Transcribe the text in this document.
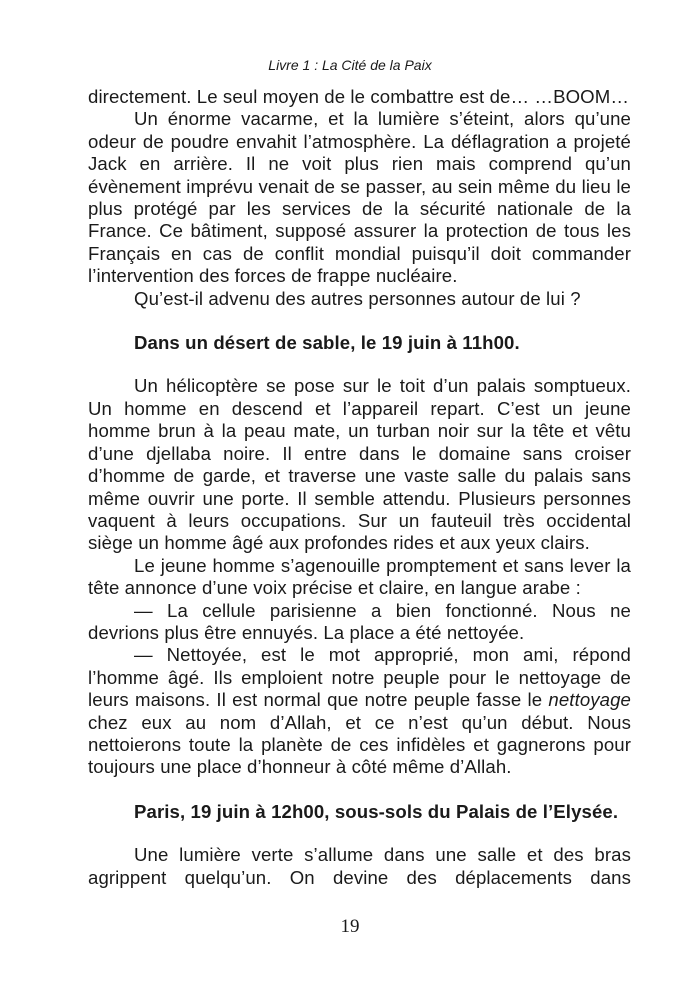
Livre 1 : La Cité de la Paix

directement. Le seul moyen de le combattre est de… …BOOM…

Un énorme vacarme, et la lumière s’éteint, alors qu’une odeur de poudre envahit l’atmosphère. La déflagration a projeté Jack en arrière. Il ne voit plus rien mais comprend qu’un évènement imprévu venait de se passer, au sein même du lieu le plus protégé par les services de la sécurité nationale de la France. Ce bâtiment, supposé assurer la protection de tous les Français en cas de conflit mondial puisqu’il doit commander l’intervention des forces de frappe nucléaire.

Qu’est-il advenu des autres personnes autour de lui ?

Dans un désert de sable, le 19 juin à 11h00.

Un hélicoptère se pose sur le toit d’un palais somptueux. Un homme en descend et l’appareil repart. C’est un jeune homme brun à la peau mate, un turban noir sur la tête et vêtu d’une djellaba noire. Il entre dans le domaine sans croiser d’homme de garde, et traverse une vaste salle du palais sans même ouvrir une porte. Il semble attendu. Plusieurs personnes vaquent à leurs occupations. Sur un fauteuil très occidental siège un homme âgé aux profondes rides et aux yeux clairs.

Le jeune homme s’agenouille promptement et sans lever la tête annonce d’une voix précise et claire, en langue arabe :

— La cellule parisienne a bien fonctionné. Nous ne devrions plus être ennuyés. La place a été nettoyée.

— Nettoyée, est le mot approprié, mon ami, répond l’homme âgé. Ils emploient notre peuple pour le nettoyage de leurs maisons. Il est normal que notre peuple fasse le nettoyage chez eux au nom d’Allah, et ce n’est qu’un début. Nous nettoierons toute la planète de ces infidèles et gagnerons pour toujours une place d’honneur à côté même d’Allah.

Paris, 19 juin à 12h00, sous-sols du Palais de l’Elysée.

Une lumière verte s’allume dans une salle et des bras agrippent quelqu’un. On devine des déplacements dans

19
